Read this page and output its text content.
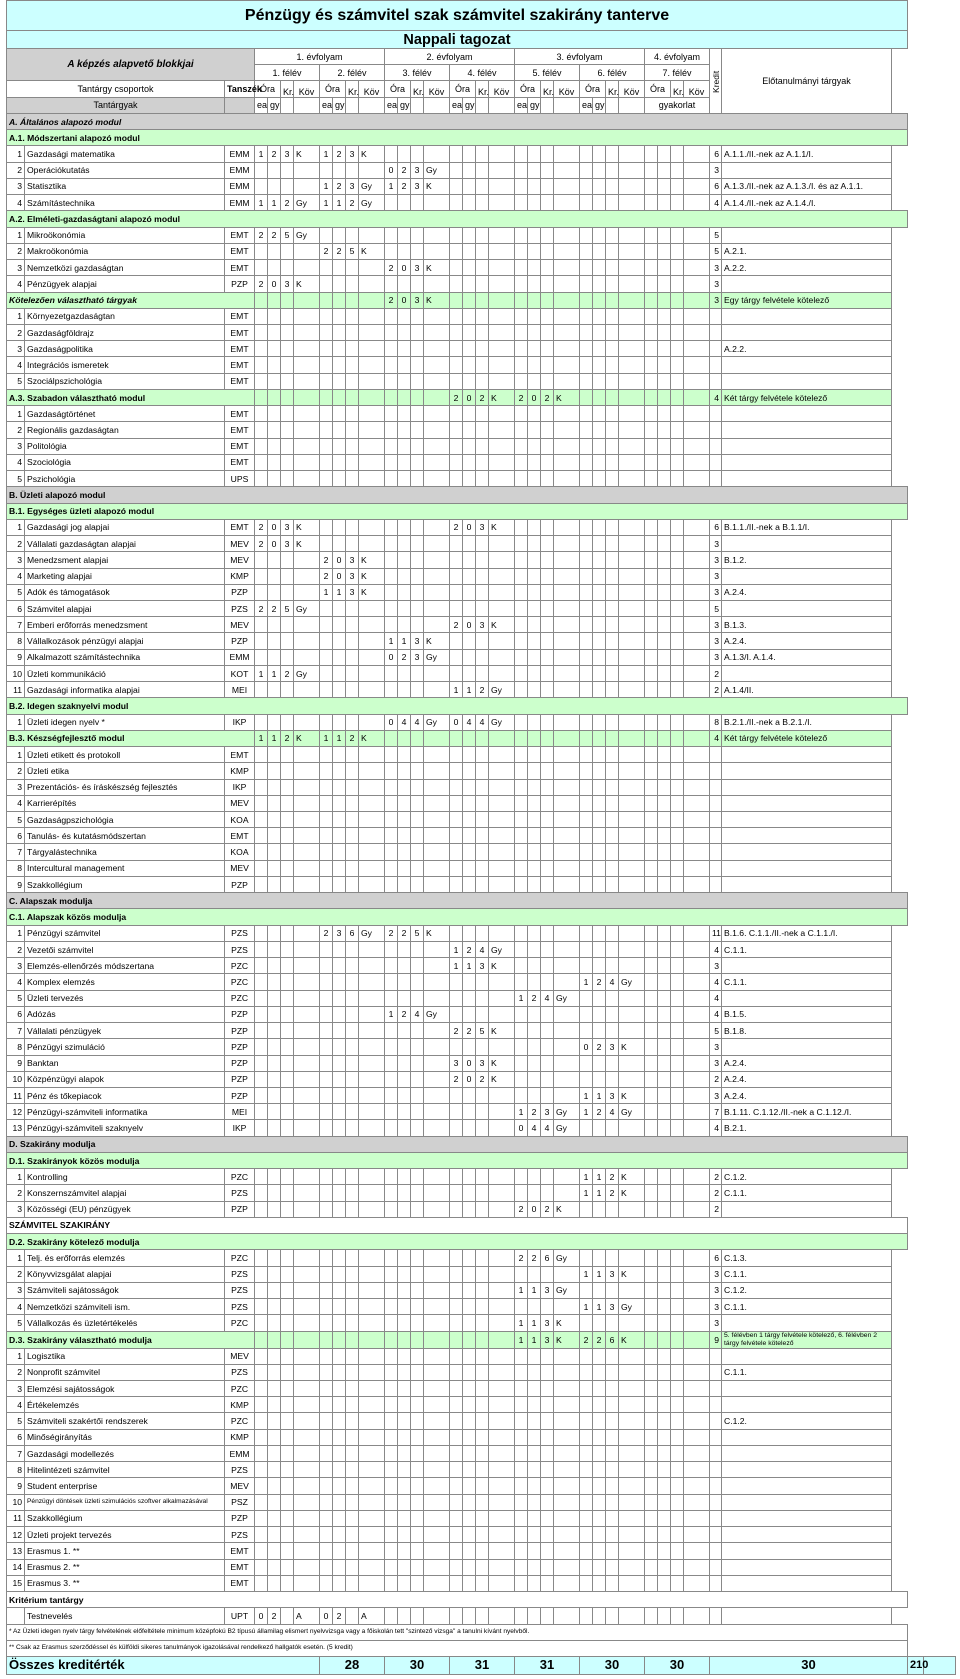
Pénzügy és számvitel szak számvitel szakirány tanterve																																			
Nappali tagozat																																			
A képzés alapvető blokkjai			1. évfolyam								2. évfolyam								3. évfolyam								4. évfolyam				Kredit	Előtanulmányi tárgyak			
			1. félév				2. félév				3. félév				4. félév				5. félév				6. félév				7. félév								
Tantárgy csoportok		Tanszék	Óra		Kr.	Köv	Óra		Kr.	Köv	Óra		Kr.	Köv	Óra		Kr.	Köv	Óra		Kr.	Köv	Óra		Kr.	Köv	Óra		Kr.	Köv					
Tantárgyak			ea	gy			ea	gy			ea	gy			ea	gy			ea	gy			ea	gy			gyakorlat								
A. Általános alapozó modul																																			
A.1. Módszertani alapozó modul																																			
1	Gazdasági matematika	EMM	1	2	3	K	1	2	3	K																					6	A.1.1./II.-nek az A.1.1/I.			
2	Operációkutatás	EMM									0	2	3	Gy																	3				
3	Statisztika	EMM					1	2	3	Gy	1	2	3	K																	6	A.1.3./II.-nek az A.1.3./I. és az A.1.1.			
4	Számítástechnika	EMM	1	1	2	Gy	1	1	2	Gy																					4	A.1.4./II.-nek az A.1.4./I.			
A.2. Elméleti-gazdaságtani alapozó modul																																			
1	Mikroökonómia	EMT	2	2	5	Gy																									5				
2	Makroökonómia	EMT					2	2	5	K																					5	A.2.1.			
3	Nemzetközi gazdaságtan	EMT									2	0	3	K																	3	A.2.2.			
4	Pénzügyek alapjai	PZP	2	0	3	K																									3				
Kötelezően választható tárgyak											2	0	3	K																	3	Egy tárgy felvétele kötelező			
1	Környezetgazdaságtan	EMT																																	
2	Gazdaságföldrajz	EMT																																	
3	Gazdaságpolitika	EMT																														A.2.2.			
4	Integrációs ismeretek	EMT																																	
5	Szociálpszichológia	EMT																																	
A.3. Szabadon választható modul															2	0	2	K	2	0	2	K									4	Két tárgy felvétele kötelező			
1	Gazdaságtörténet	EMT																																	
2	Regionális gazdaságtan	EMT																																	
3	Politológia	EMT																																	
4	Szociológia	EMT																																	
5	Pszichológia	UPS																																	
B. Üzleti alapozó modul																																			
B.1. Egységes üzleti alapozó modul																																			
1	Gazdasági jog alapjai	EMT	2	0	3	K									2	0	3	K													6	B.1.1./II.-nek a B.1.1/I.			
2	Vállalati gazdaságtan alapjai	MEV	2	0	3	K																									3				
3	Menedzsment alapjai	MEV					2	0	3	K																					3	B.1.2.			
4	Marketing alapjai	KMP					2	0	3	K																					3				
5	Adók és támogatások	PZP					1	1	3	K																					3	A.2.4.			
6	Számvitel alapjai	PZS	2	2	5	Gy																									5				
7	Emberi erőforrás menedzsment	MEV													2	0	3	K													3	B.1.3.			
8	Vállalkozások pénzügyi alapjai	PZP									1	1	3	K																	3	A.2.4.			
9	Alkalmazott számítástechnika	EMM									0	2	3	Gy																	3	A.1.3/I. A.1.4.			
10	Üzleti kommunikáció	KOT	1	1	2	Gy																									2				
11	Gazdasági informatika alapjai	MEI													1	1	2	Gy													2	A.1.4/II.			
B.2. Idegen szaknyelvi modul																																			
1	Üzleti idegen nyelv *	IKP									0	4	4	Gy	0	4	4	Gy													8	B.2.1./II.-nek a B.2.1./I.			
B.3. Készségfejlesztő modul			1	1	2	K	1	1	2	K																					4	Két tárgy felvétele kötelező			
1	Üzleti etikett és protokoll	EMT																																	
2	Üzleti etika	KMP																																	
3	Prezentációs- és íráskészség fejlesztés	IKP																																	
4	Karrierépítés	MEV																																	
5	Gazdaságpszichológia	KOA																																	
6	Tanulás- és kutatásmódszertan	EMT																																	
7	Tárgyalástechnika	KOA																																	
8	Intercultural management	MEV																																	
9	Szakkollégium	PZP																																	
C. Alapszak modulja																																			
C.1. Alapszak közös modulja																																			
1	Pénzügyi számvitel	PZS					2	3	6	Gy	2	2	5	K																	11	B.1.6. C.1.1./II.-nek a C.1.1./I.			
2	Vezetői számvitel	PZS													1	2	4	Gy													4	C.1.1.			
3	Elemzés-ellenőrzés módszertana	PZC													1	1	3	K													3				
4	Komplex elemzés	PZC																					1	2	4	Gy					4	C.1.1.			
5	Üzleti tervezés	PZC																	1	2	4	Gy									4				
6	Adózás	PZP									1	2	4	Gy																	4	B.1.5.			
7	Vállalati pénzügyek	PZP													2	2	5	K													5	B.1.8.			
8	Pénzügyi szimuláció	PZP																					0	2	3	K					3				
9	Banktan	PZP													3	0	3	K													3	A.2.4.			
10	Közpénzügyi alapok	PZP													2	0	2	K													2	A.2.4.			
11	Pénz és tőkepiacok	PZP																					1	1	3	K					3	A.2.4.			
12	Pénzügyi-számviteli informatika	MEI																	1	2	3	Gy	1	2	4	Gy					7	B.1.11. C.1.12./II.-nek a C.1.12./I.			
13	Pénzügyi-számviteli szaknyelv	IKP																	0	4	4	Gy									4	B.2.1.			
D. Szakirány modulja																																			
D.1. Szakirányok közös modulja																																			
1	Kontrolling	PZC																					1	1	2	K					2	C.1.2.			
2	Konszernszámvitel alapjai	PZS																					1	1	2	K					2	C.1.1.			
3	Közösségi (EU) pénzügyek	PZP																	2	0	2	K									2				
SZÁMVITEL SZAKIRÁNY																																			
D.2. Szakirány kötelező modulja																																			
1	Telj. és erőforrás elemzés	PZC																	2	2	6	Gy									6	C.1.3.			
2	Könyvvizsgálat alapjai	PZS																					1	1	3	K					3	C.1.1.			
3	Számviteli sajátosságok	PZS																	1	1	3	Gy									3	C.1.2.			
4	Nemzetközi számviteli ism.	PZS																					1	1	3	Gy					3	C.1.1.			
5	Vállalkozás és üzletértékelés	PZC																	1	1	3	K									3				
D.3. Szakirány választható modulja																			1	1	3	K	2	2	6	K					9	5. félévben 1 tárgy felvétele kötelező, 6. félévben 2 tárgy felvétele kötelező			
1	Logisztika	MEV																																	
2	Nonprofit számvitel	PZS																														C.1.1.			
3	Elemzési sajátosságok	PZC																																	
4	Értékelemzés	KMP																																	
5	Számviteli szakértői rendszerek	PZC																														C.1.2.			
6	Minőségirányítás	KMP																																	
7	Gazdasági modellezés	EMM																																	
8	Hitelintézeti számvitel	PZS																																	
9	Student enterprise	MEV																																	
10	Pénzügyi döntések üzleti szimulációs szoftver alkalmazásával	PSZ																																	
11	Szakkollégium	PZP																																	
12	Üzleti projekt tervezés	PZS																																	
13	Erasmus 1. **	EMT																																	
14	Erasmus 2. **	EMT																																	
15	Erasmus 3. **	EMT																																	
Kritérium tantárgy																																			
	Testnevelés	UPT	0	2		A	0	2		A																									
* Az Üzleti idegen nyelv tárgy felvételének előfeltétele minimum középfokú B2 típusú államilag elismert nyelvvizsga vagy a főiskolán tett "szintező vizsga" a tanulni kívánt nyelvből.																																			
** Csak az Erasmus szerződéssel és külföldi sikeres tanulmányok igazolásával rendelkező hallgatók esetén. (5 kredit)																																			
Összes kreditérték							28				30				31				31				30				30				30			210	
